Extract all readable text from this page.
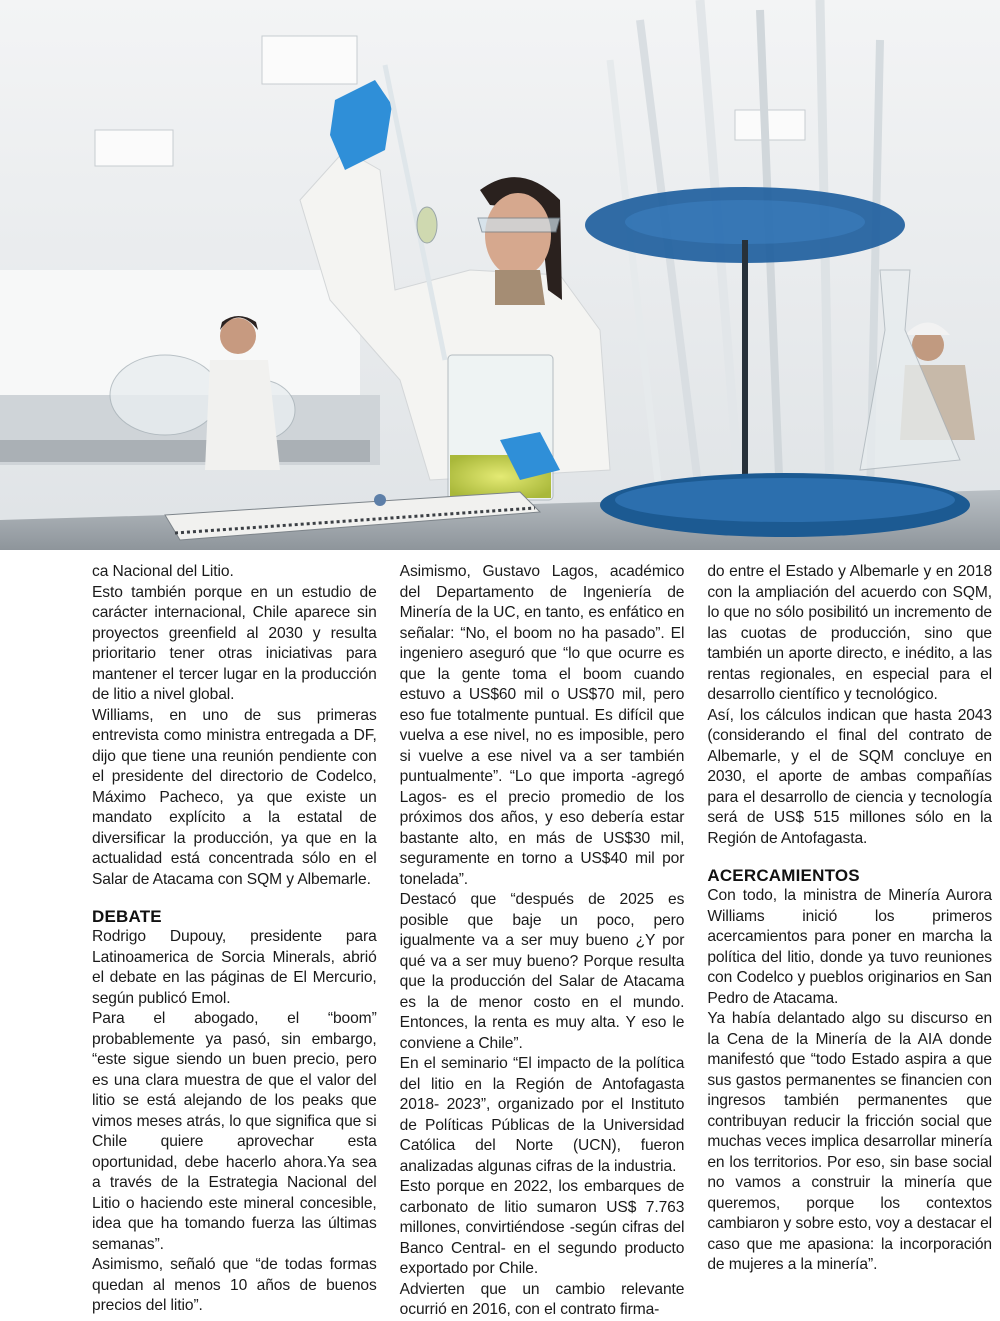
ca Nacional del Litio.

Esto también porque en un estudio de carácter internacional, Chile aparece sin proyectos greenfield al 2030 y resulta prioritario tener otras iniciativas para mantener el tercer lugar en la producción de litio a nivel global.

Williams, en uno de sus primeras entrevista como ministra entregada a DF, dijo que tiene una reunión pendiente con el presidente del directorio de Codelco, Máximo Pacheco, ya que existe un mandato explícito a la estatal de diversificar la producción, ya que en la actualidad está concentrada sólo en el Salar de Atacama con SQM y Albemarle.

DEBATE

Rodrigo Dupouy, presidente para Latinoamerica de Sorcia Minerals, abrió el debate en las páginas de El Mercurio, según publicó Emol.

Para el abogado, el “boom” probablemente ya pasó, sin embargo, “este sigue siendo un buen precio, pero es una clara muestra de que el valor del litio se está alejando de los peaks que vimos meses atrás, lo que significa que si Chile quiere aprovechar esta oportunidad, debe hacerlo ahora.Ya sea a través de la Estrategia Nacional del Litio o haciendo este mineral concesible, idea que ha tomando fuerza las últimas semanas”.

Asimismo, señaló que “de todas formas quedan al menos 10 años de buenos precios del litio”.

Asimismo, Gustavo Lagos, académico del Departamento de Ingeniería de Minería de la UC, en tanto, es enfático en señalar: “No, el boom no ha pasado”. El ingeniero aseguró que “lo que ocurre es que la gente toma el boom cuando estuvo a US$60 mil o US$70 mil, pero eso fue totalmente puntual. Es difícil que vuelva a ese nivel, no es imposible, pero si vuelve a ese nivel va a ser también puntualmente”. “Lo que importa -agregó Lagos- es el precio promedio de los próximos dos años, y eso debería estar bastante alto, en más de US$30 mil, seguramente en torno a US$40 mil por tonelada”.

Destacó que “después de 2025 es posible que baje un poco, pero igualmente va a ser muy bueno ¿Y por qué va a ser muy bueno? Porque resulta que la producción del Salar de Atacama es la de menor costo en el mundo. Entonces, la renta es muy alta. Y eso le conviene a Chile”.

En el seminario “El impacto de la política del litio en la Región de Antofagasta 2018- 2023”, organizado por el Instituto de Políticas Públicas de la Universidad Católica del Norte (UCN), fueron analizadas algunas cifras de la industria.

Esto porque en 2022, los embarques de carbonato de litio sumaron US$ 7.763 millones, convirtiéndose -según cifras del Banco Central- en el segundo producto exportado por Chile.

Advierten que un cambio relevante ocurrió en 2016, con el contrato firma-

do entre el Estado y Albemarle y en 2018 con la ampliación del acuerdo con SQM, lo que no sólo posibilitó un incremento de las cuotas de producción, sino que también un aporte directo, e inédito, a las rentas regionales, en especial para el desarrollo científico y tecnológico.

Así, los cálculos indican que hasta 2043 (considerando el final del contrato de Albemarle, y el de SQM concluye en 2030, el aporte de ambas compañías para el desarrollo de ciencia y tecnología será de US$ 515 millones sólo en la Región de Antofagasta.

ACERCAMIENTOS

Con todo, la ministra de Minería Aurora Williams inició los primeros acercamientos para poner en marcha la política del litio, donde ya tuvo reuniones con Codelco y pueblos originarios en San Pedro de Atacama.

Ya había delantado algo su discurso en la Cena de la Minería de la AIA donde manifestó que “todo Estado aspira a que sus gastos permanentes se financien con ingresos también permanentes que contribuyan reducir la fricción social que muchas veces implica desarrollar minería en los territorios. Por eso, sin base social no vamos a construir la minería que queremos, porque los contextos cambiaron y sobre esto, voy a destacar el caso que me apasiona: la incorporación de mujeres a la minería”.
